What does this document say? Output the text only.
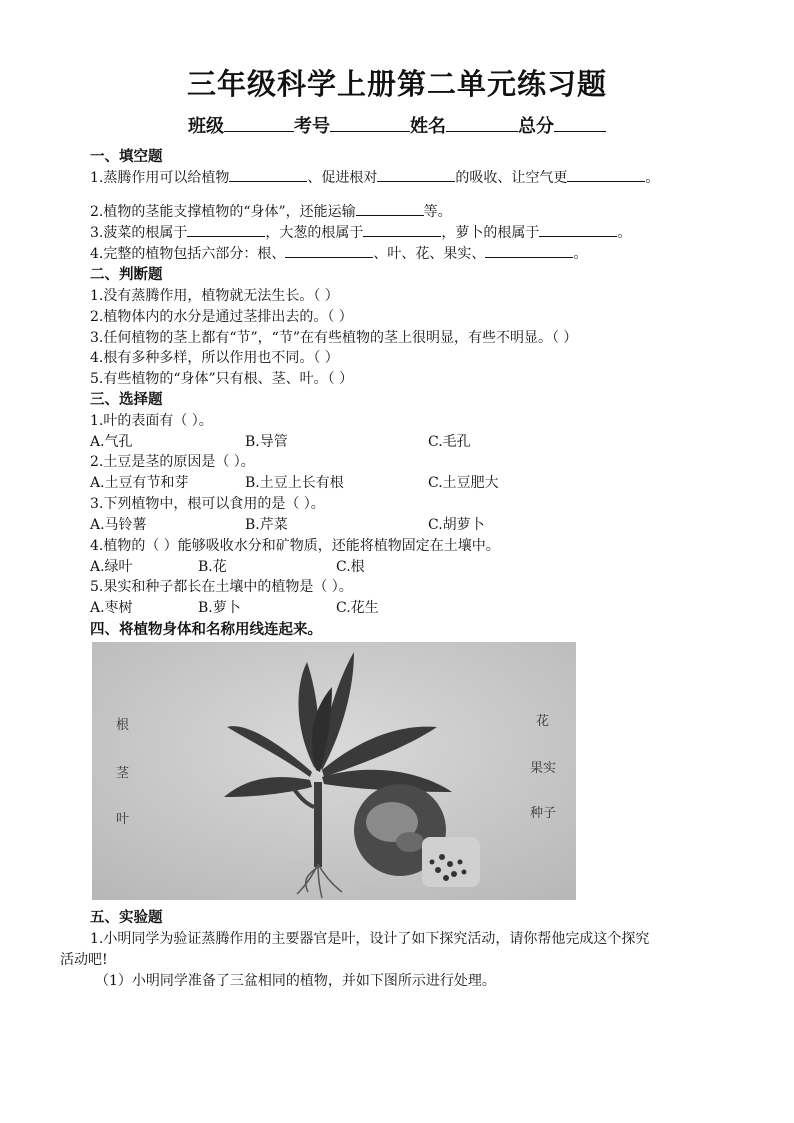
三年级科学上册第二单元练习题
班级	考号	姓名	总分
一、填空题
1.蒸腾作用可以给植物	、促进根对	的吸收、让空气更	。
2.植物的茎能支撑植物的“身体”，还能运输	等。
3.菠菜的根属于	，大葱的根属于	，萝卜的根属于	。
4.完整的植物包括六部分：根、	、叶、花、果实、	。
二、判断题
1.没有蒸腾作用，植物就无法生长。（ ）
2.植物体内的水分是通过茎排出去的。（ ）
3.任何植物的茎上都有“节”，“节”在有些植物的茎上很明显，有些不明显。（ ）
4.根有多种多样，所以作用也不同。（ ）
5.有些植物的“身体”只有根、茎、叶。（ ）
三、选择题
1.叶的表面有（ ）。
A.气孔	B.导管	C.毛孔
2.土豆是茎的原因是（ ）。
A.土豆有节和芽	B.土豆上长有根	C.土豆肥大
3.下列植物中，根可以食用的是（ ）。
A.马铃薯	B.芹菜	C.胡萝卜
4.植物的（ ）能够吸收水分和矿物质，还能将植物固定在土壤中。
A.绿叶	B.花	C.根
5.果实和种子都长在土壤中的植物是（ ）。
A.枣树	B.萝卜	C.花生
四、将植物身体和名称用线连起来。
根
茎
叶
花
果实
种子
五、实验题
1.小明同学为验证蒸腾作用的主要器官是叶，设计了如下探究活动，请你帮他完成这个探究
活动吧!
（1）小明同学准备了三盆相同的植物，并如下图所示进行处理。
